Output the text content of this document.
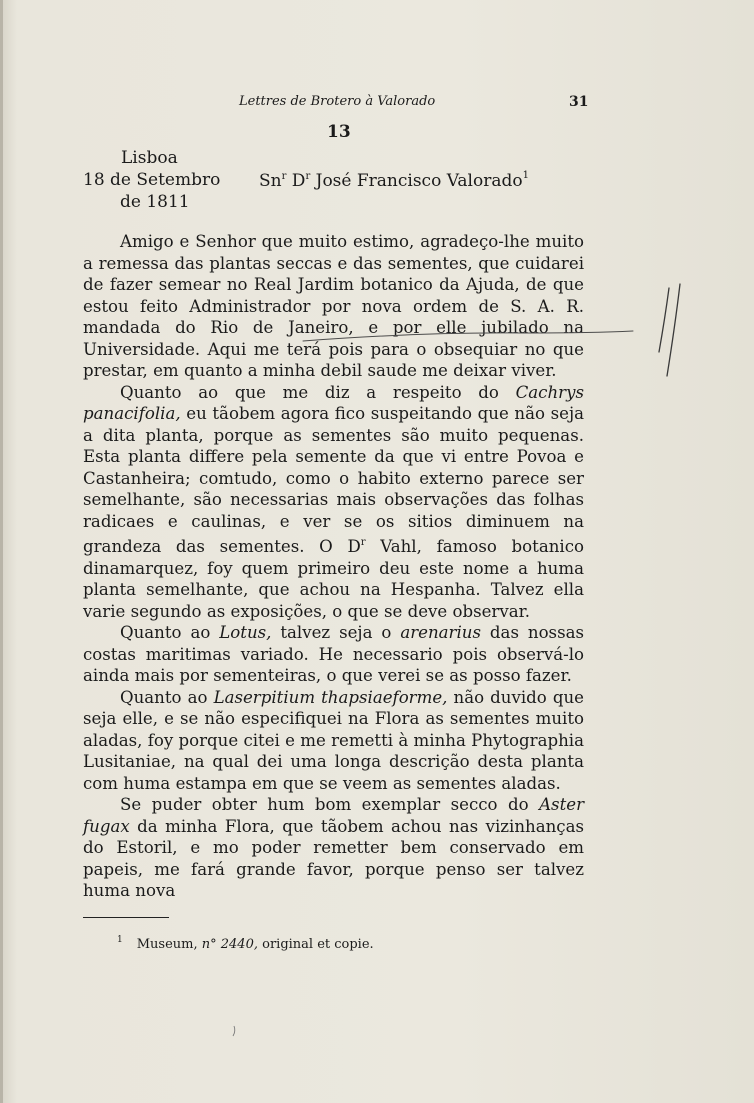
Lettres de Brotero à Valorado	31
13
Lisboa
18 de Setembro Sn$^r$ $D^r$ José Francisco Valorado$^1$
de 1811

Amigo e Senhor que muito estimo, agradeço-lhe muito a remessa das plantas seccas e das sementes, que cuidarei de fazer semear no Real Jardim botanico da Ajuda, de que estou feito Administrador por nova ordem de S. A. R. mandada do Rio de Janeiro, e por elle jubilado na Universidade. Aqui me terá pois para o obsequiar no que prestar, em quanto a minha debil saude me deixar viver.

Quanto ao que me diz a respeito do Cachrys panacifolia, eu tãobem agora fico suspeitando que não seja a dita planta, porque as sementes são muito pequenas. Esta planta differe pela semente da que vi entre Povoa e Castanheira; comtudo, como o habito externo parece ser semelhante, são necessarias mais observações das folhas radicaes e caulinas, e ver se os sitios diminuem na grandeza das sementes. O $D^r$ Vahl, famoso botanico dinamarquez, foy quem primeiro deu este nome a huma planta semelhante, que achou na Hespanha. Talvez ella varie segundo as exposições, o que se deve observar.

Quanto ao Lotus, talvez seja o arenarius das nossas costas maritimas variado. He necessario pois observá-lo ainda mais por sementeiras, o que verei se as posso fazer.

Quanto ao Laserpitium thapsiaeforme, não duvido que seja elle, e se não especifiquei na Flora as sementes muito aladas, foy porque citei e me remetti à minha Phytographia Lusitaniae, na qual dei uma longa descrição desta planta com huma estampa em que se veem as sementes aladas.

Se puder obter hum bom exemplar secco do Aster fugax da minha Flora, que tãobem achou nas vizinhanças do Estoril, e mo poder remetter bem conservado em papeis, me fará grande favor, porque penso ser talvez huma nova

$^1$ Museum, n° 2440, original et copie.
